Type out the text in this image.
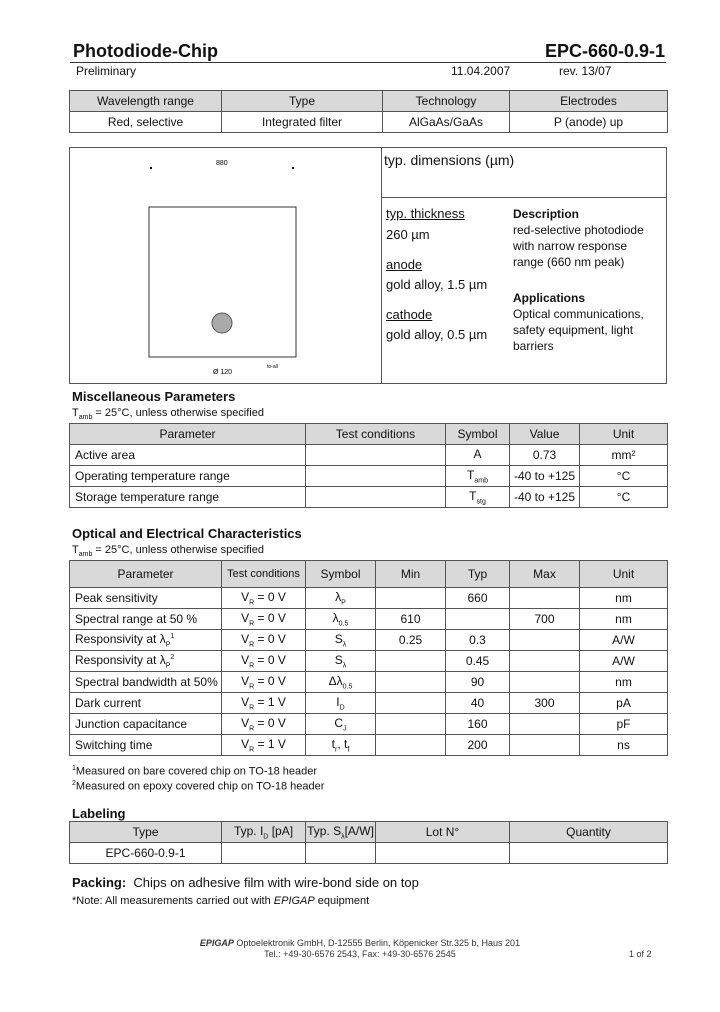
Photodiode-Chip	EPC-660-0.9-1
Preliminary	11.04.2007	rev. 13/07
Wavelength range	Type	Technology	Electrodes
Red, selective	Integrated filter	AlGaAs/GaAs	P (anode) up
880
Ø 120
to-all
typ. dimensions (µm)
typ. thickness
260 µm
anode
gold alloy, 1.5 µm
cathode
gold alloy, 0.5 µm
Description
red-selective photodiode
with narrow response
range (660 nm peak)
Applications
Optical communications,
safety equipment, light
barriers
Miscellaneous Parameters
$T_{amb} = 25^\circ C$, unless otherwise specified
Parameter	Test conditions	Symbol	Value	Unit
Active area		A	0.73	mm²
Operating temperature range		$T_{amb}$	-40 to +125	°C
Storage temperature range		$T_{stg}$	-40 to +125	°C
Optical and Electrical Characteristics
$T_{amb} = 25^\circ C$, unless otherwise specified
Parameter	Test conditions	Symbol	Min	Typ	Max	Unit
Peak sensitivity	$V_R = 0$ V	$\lambda_P$		660		nm
Spectral range at 50 %	$V_R = 0$ V	$\lambda_{0.5}$	610		700	nm
Responsivity at $\lambda_P^1$	$V_R = 0$ V	$S_\lambda$	0.25	0.3		A/W
Responsivity at $\lambda_P^2$	$V_R = 0$ V	$S_\lambda$		0.45		A/W
Spectral bandwidth at 50%	$V_R = 0$ V	$\Delta\lambda_{0.5}$		90		nm
Dark current	$V_R = 1$ V	$I_D$		40	300	pA
Junction capacitance	$V_R = 0$ V	$C_J$		160		pF
Switching time	$V_R = 1$ V	$t_r$, $t_f$		200		ns
$^1$Measured on bare covered chip on TO-18 header
$^2$Measured on epoxy covered chip on TO-18 header
Labeling
Type	Typ. $I_D$ [pA]	Typ. $S_\lambda[A/W]$	Lot N°	Quantity
EPC-660-0.9-1				
Packing:  Chips on adhesive film with wire-bond side on top
*Note: All measurements carried out with EPIGAP equipment
EPIGAP Optoelektronik GmbH, D-12555 Berlin, Köpenicker Str.325 b, Haus 201
Tel.: +49-30-6576 2543, Fax: +49-30-6576 2545	1 of 2
